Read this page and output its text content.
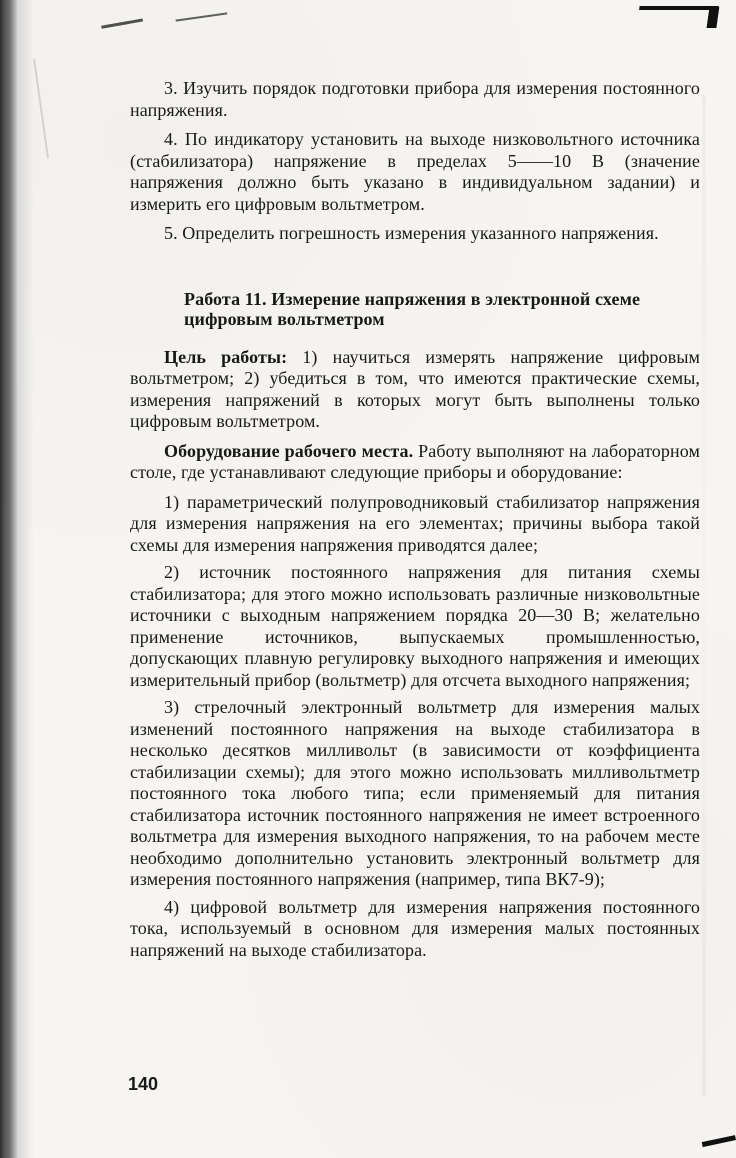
3. Изучить порядок подготовки прибора для измерения постоянного напряжения.

4. По индикатору установить на выходе низковольтного источника (стабилизатора) напряжение в пределах 5——10 В (значение напряжения должно быть указано в индивидуальном задании) и измерить его цифровым вольтметром.

5. Определить погрешность измерения указанного напряжения.

Работа 11. Измерение напряжения в электронной схеме цифровым вольтметром

Цель работы: 1) научиться измерять напряжение цифровым вольтметром; 2) убедиться в том, что имеются практические схемы, измерения напряжений в которых могут быть выполнены только цифровым вольтметром.

Оборудование рабочего места. Работу выполняют на лабораторном столе, где устанавливают следующие приборы и оборудование:

1) параметрический полупроводниковый стабилизатор напряжения для измерения напряжения на его элементах; причины выбора такой схемы для измерения напряжения приводятся далее;

2) источник постоянного напряжения для питания схемы стабилизатора; для этого можно использовать различные низковольтные источники с выходным напряжением порядка 20—30 В; желательно применение источников, выпускаемых промышленностью, допускающих плавную регулировку выходного напряжения и имеющих измерительный прибор (вольтметр) для отсчета выходного напряжения;

3) стрелочный электронный вольтметр для измерения малых изменений постоянного напряжения на выходе стабилизатора в несколько десятков милливольт (в зависимости от коэффициента стабилизации схемы); для этого можно использовать милливольтметр постоянного тока любого типа; если применяемый для питания стабилизатора источник постоянного напряжения не имеет встроенного вольтметра для измерения выходного напряжения, то на рабочем месте необходимо дополнительно установить электронный вольтметр для измерения постоянного напряжения (например, типа ВК7-9);

4) цифровой вольтметр для измерения напряжения постоянного тока, используемый в основном для измерения малых постоянных напряжений на выходе стабилизатора.

140
